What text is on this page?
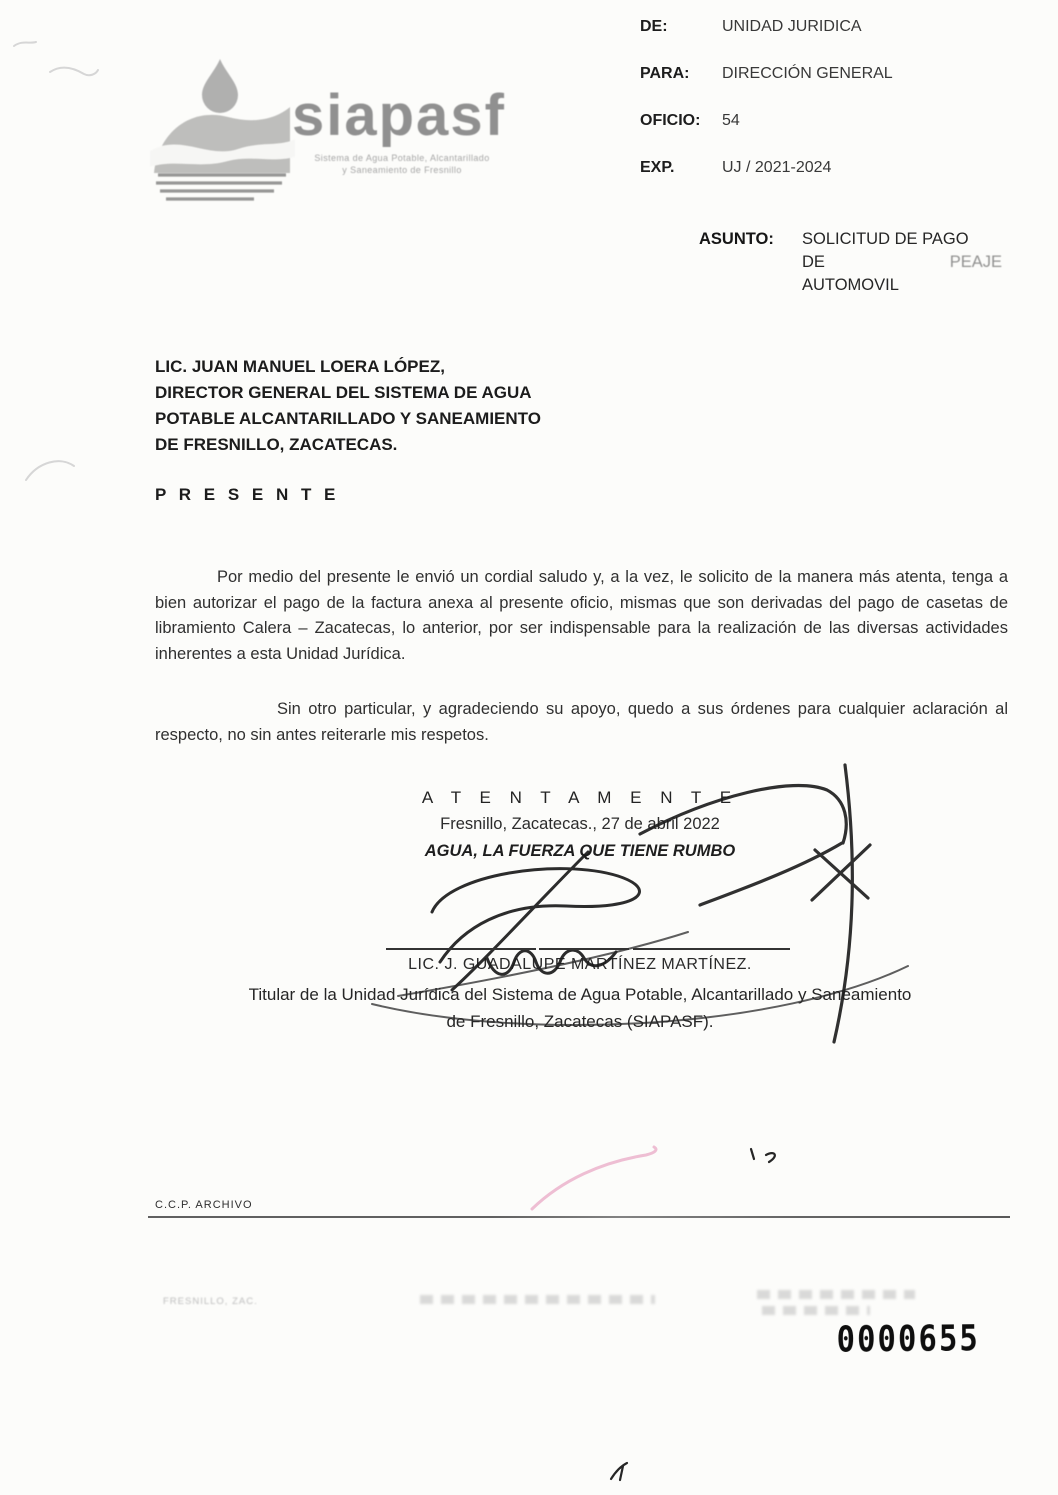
siapasf
Sistema de Agua Potable, Alcantarillado
y Saneamiento de Fresnillo
DE:	UNIDAD JURIDICA
PARA:	DIRECCIÓN GENERAL
OFICIO:	54
EXP.	UJ / 2021-2024
ASUNTO:	SOLICITUD DE PAGO
DE	PEAJE
AUTOMOVIL
LIC. JUAN MANUEL LOERA LÓPEZ,
DIRECTOR GENERAL DEL SISTEMA DE AGUA
POTABLE ALCANTARILLADO Y SANEAMIENTO
DE FRESNILLO, ZACATECAS.
P R E S E N T E
Por medio del presente le envió un cordial saludo y, a la vez, le solicito de la manera más atenta, tenga a bien autorizar el pago de la factura anexa al presente oficio, mismas que son derivadas del pago de casetas de libramiento Calera – Zacatecas, lo anterior, por ser indispensable para la realización de las diversas actividades inherentes a esta Unidad Jurídica.
Sin otro particular, y agradeciendo su apoyo, quedo a sus órdenes para cualquier aclaración al respecto, no sin antes reiterarle mis respetos.
A T E N T A M E N T E
Fresnillo, Zacatecas., 27 de abril 2022
AGUA, LA FUERZA QUE TIENE RUMBO
LIC. J. GUADALUPE MARTÍNEZ MARTÍNEZ.
Titular de la Unidad Jurídica del Sistema de Agua Potable, Alcantarillado y Saneamiento
de Fresnillo, Zacatecas (SIAPASF).
C.C.P. ARCHIVO
FRESNILLO, ZAC.
0000655
